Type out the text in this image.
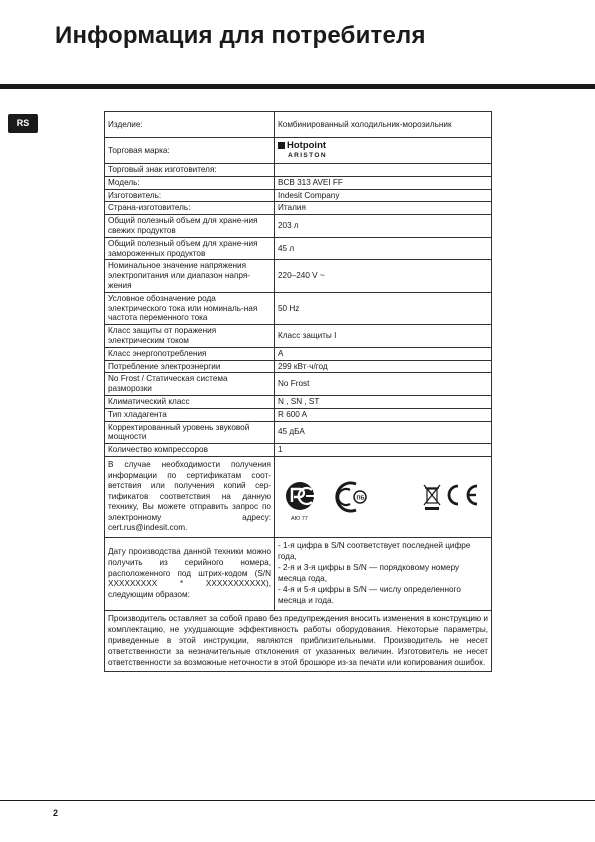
Информация для потребителя
RS	Изделие:	Комбинированный холодильник-морозильник
Торговая марка:	Hotpoint
ARISTON

Торговый знак изготовителя:	
Модель:	BCB 313 AVEI FF
Изготовитель:	Indesit Company
Страна-изготовитель:	Италия
Общий полезный объем для хране-ния свежих продуктов	203 л
Общий полезный объем для хране-ния замороженных продуктов	45 л
Номинальное значение напряжения электропитания или диапазон напря-жения	220–240 V ~
Условное обозначение рода электрического тока или номиналь-ная частота переменного тока	50 Hz
Класс защиты от поражения электрическим током	Класс защиты I
Класс энергопотребления	A
Потребление электроэнергии	299 кВт·ч/год
No Frost / Статическая система разморозки	No Frost
Климатический класс	N , SN , ST
Тип хладагента	R 600 A
Корректированный уровень звуковой мощности	45 дБА
Количество компрессоров	1
В случае необходимости получения информации по сертификатам соот-ветствия или получения копий сер-тификатов соответствия на данную технику, Вы можете отправить запрос по электронному адресу: cert.rus@indesit.com.	АЮ 77
ПБ

Дату производства данной техники можно получить из серийного номера, расположенного под штрих-кодом (S/N XXXXXXXXX * XXXXXXXXXXX), следующим образом:	- 1-я цифра в S/N соответствует последней цифре года,
- 2-я и 3-я цифры в S/N — порядковому номеру месяца года,
- 4-я и 5-я цифры в S/N — числу определенного месяца и года.

Производитель оставляет за собой право без предупреждения вносить изменения в конструкцию и комплектацию, не ухудшающие эффективность работы оборудования. Некоторые параметры, приведенные в этой инструкции, являются приблизительными. Производитель не несет ответственности за незначительные отклонения от указанных величин. Изготовитель не несет ответственности за возможные неточности в этой брошюре из-за печати или копирования ошибок.	
2
